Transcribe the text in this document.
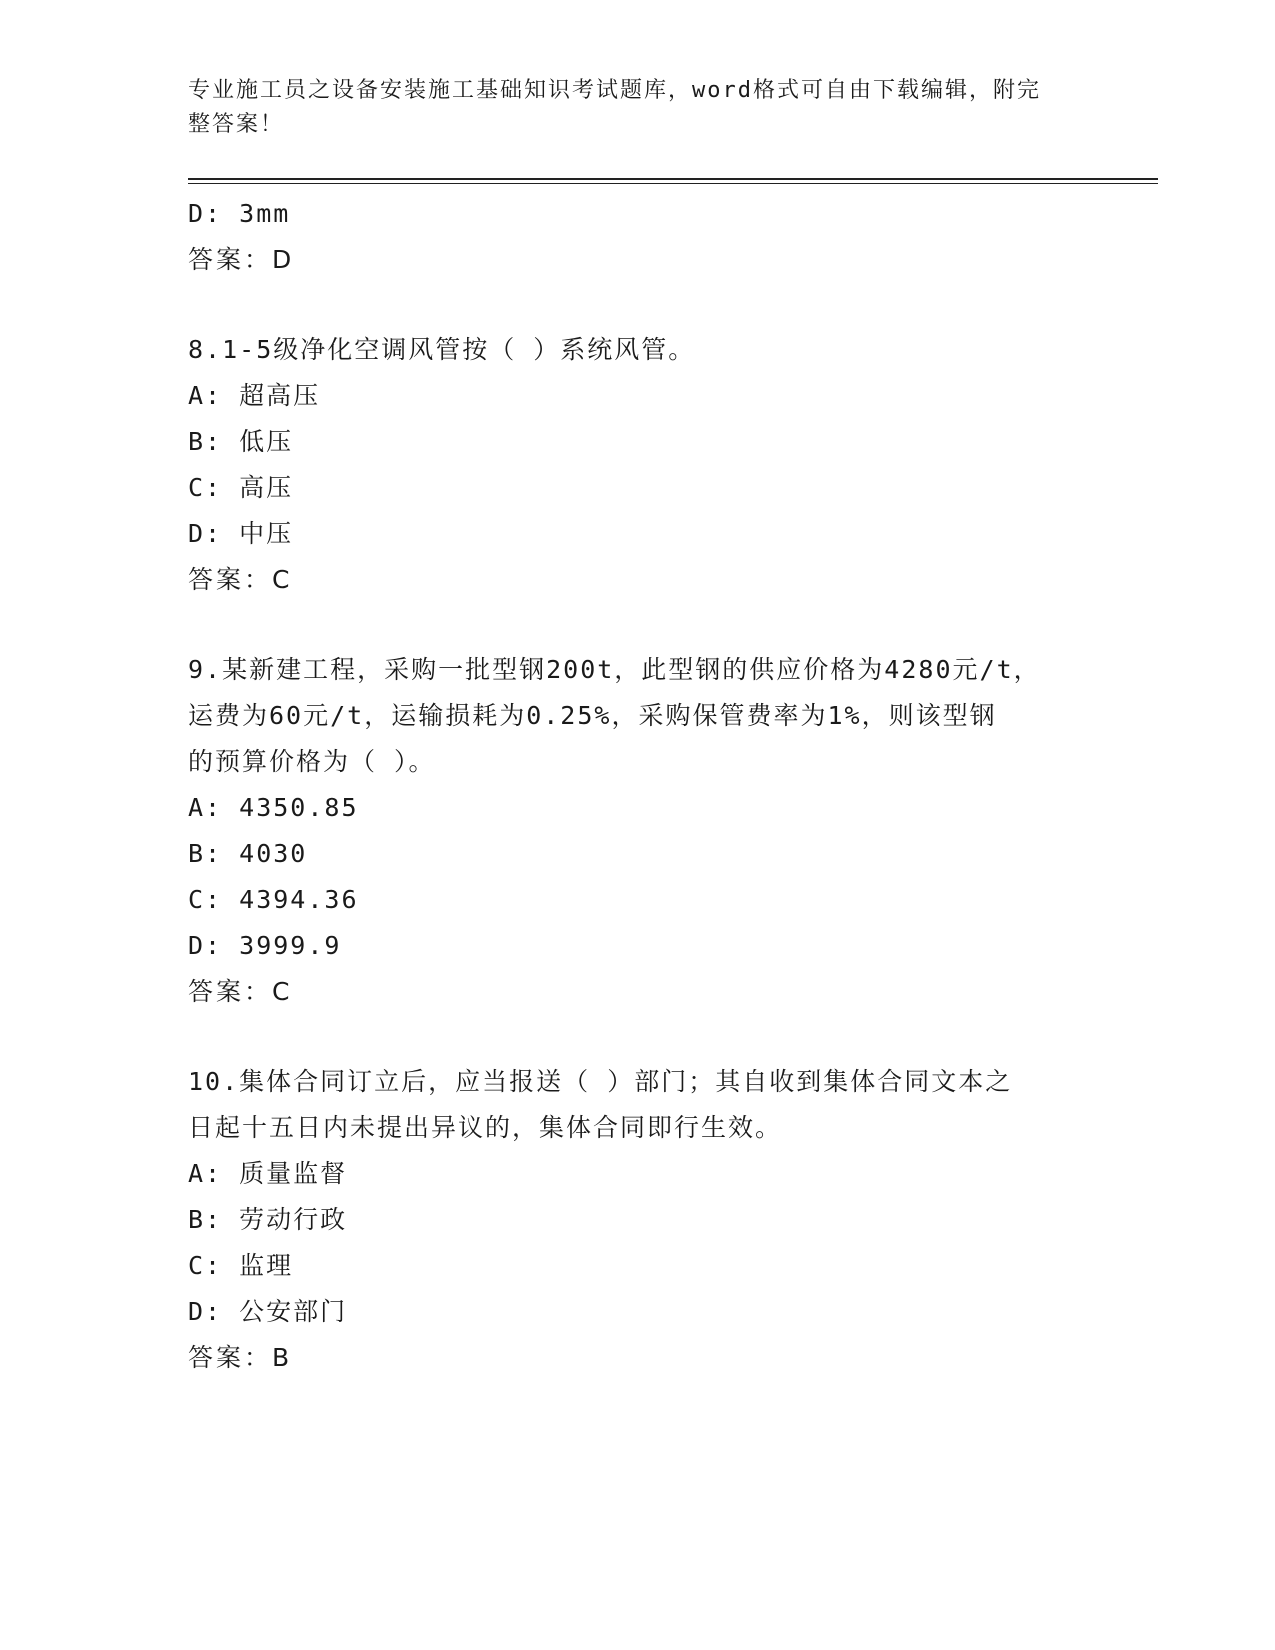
专业施工员之设备安装施工基础知识考试题库，word格式可自由下载编辑，附完
整答案！
D: 3mm
答案：D
8.1-5级净化空调风管按（ ）系统风管。
A: 超高压
B: 低压
C: 高压
D: 中压
答案：C
9.某新建工程，采购一批型钢200t，此型钢的供应价格为4280元/t，
运费为60元/t，运输损耗为0.25%，采购保管费率为1%，则该型钢
的预算价格为（ ）。
A: 4350.85
B: 4030
C: 4394.36
D: 3999.9
答案：C
10.集体合同订立后，应当报送（ ）部门；其自收到集体合同文本之
日起十五日内未提出异议的，集体合同即行生效。
A: 质量监督
B: 劳动行政
C: 监理
D: 公安部门
答案：B
